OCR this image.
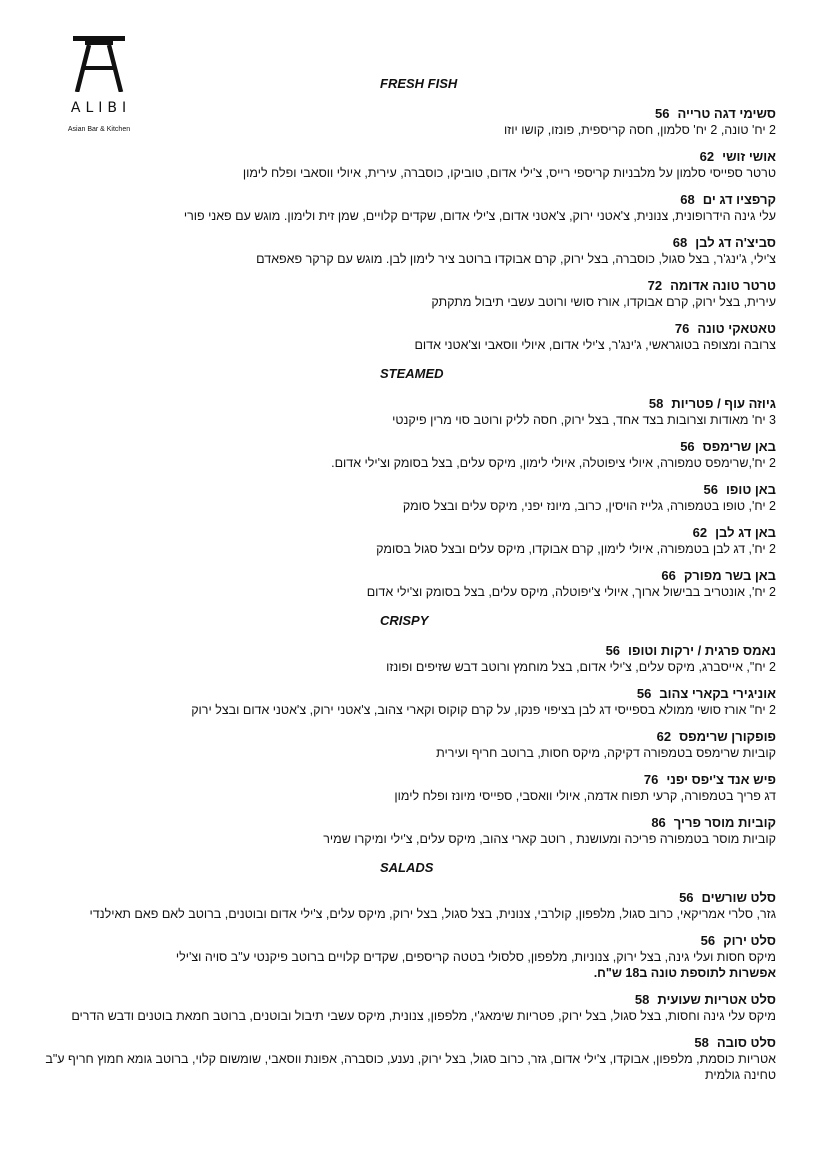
ALIBI
Asian Bar & Kitchen
FRESH FISH
סשימי דגה טרייה56
2 יח' טונה, 2 יח' סלמון, חסה קריספית, פונזו, קושו יוזו
אושי זושי62
טרטר ספייסי סלמון על מלבניות קריספי רייס, צ'ילי אדום, טוביקו, כוסברה, עירית, איולי ווסאבי ופלח לימון
קרפציו דג ים68
עלי גינה הידרופונית, צנונית, צ'אטני ירוק, צ'אטני אדום, צ'ילי אדום, שקדים קלויים, שמן זית ולימון. מוגש עם פאני פורי
סביצ'ה דג לבן68
צ'ילי, ג'ינג'ר, בצל סגול, כוסברה, בצל ירוק, קרם אבוקדו ברוטב ציר לימון לבן. מוגש עם קרקר פאפאדם
טרטר טונה אדומה72
עירית, בצל ירוק, קרם אבוקדו, אורז סושי ורוטב עשבי תיבול מתקתק
טאטאקי טונה76
צרובה ומצופה בטוגראשי, ג'ינג'ר, צ'ילי אדום, איולי ווסאבי וצ'אטני אדום
STEAMED
גיוזה עוף / פטריות58
3 יח' מאודות וצרובות בצד אחד, בצל ירוק, חסה לליק ורוטב סוי מרין פיקנטי
באן שרימפס56
2 יח',שרימפס טמפורה, איולי ציפוטלה, איולי לימון, מיקס עלים, בצל בסומק וצ'ילי אדום.
באן טופו56
2 יח', טופו בטמפורה, גלייז הויסין, כרוב, מיונז יפני, מיקס עלים ובצל סומק
באן דג לבן62
2 יח', דג לבן בטמפורה, איולי לימון, קרם אבוקדו, מיקס עלים ובצל סגול בסומק
באן בשר מפורק66
2 יח', אונטריב בבישול ארוך, איולי צ'יפוטלה, מיקס עלים, בצל בסומק וצ'ילי אדום
CRISPY
נאמס פרגית / ירקות וטופו56
2 יח", אייסברג, מיקס עלים, צ'ילי אדום, בצל מוחמץ ורוטב דבש שזיפים ופונזו
אוניגירי בקארי צהוב56
2 יח" אורז סושי ממולא בספייסי דג לבן בציפוי פנקו, על קרם קוקוס וקארי צהוב, צ'אטני ירוק, צ'אטני אדום ובצל ירוק
פופקורן שרימפס62
קוביות שרימפס בטמפורה דקיקה, מיקס חסות, ברוטב חריף ועירית
פיש אנד צ'יפס יפני76
דג פריך בטמפורה, קרעי תפוח אדמה, איולי וואסבי, ספייסי מיונז ופלח לימון
קוביות מוסר פריך86
קוביות מוסר בטמפורה פריכה ומעושנת , רוטב קארי צהוב, מיקס עלים, צ'ילי ומיקרו שמיר
SALADS
סלט שורשים56
גזר, סלרי אמריקאי, כרוב סגול, מלפפון, קולרבי, צנונית, בצל סגול, בצל ירוק, מיקס עלים, צ'ילי אדום ובוטנים, ברוטב לאם פאם תאילנדי
סלט ירוק56
מיקס חסות ועלי גינה, בצל ירוק, צנוניות, מלפפון, סלסולי בטטה קריספים, שקדים קלויים ברוטב פיקנטי ע"ב סויה וצ'ילי
אפשרות לתוספת טונה ב18 ש"ח.
סלט אטריות שעועית58
מיקס עלי גינה וחסות, בצל סגול, בצל ירוק, פטריות שימאג'י, מלפפון, צנונית, מיקס עשבי תיבול ובוטנים, ברוטב חמאת בוטנים ודבש הדרים
סלט סובה58
אטריות כוסמת, מלפפון, אבוקדו, צ'ילי אדום, גזר, כרוב סגול, בצל ירוק, נענע, כוסברה, אפונת ווסאבי, שומשום קלוי, ברוטב גומא חמוץ חריף ע"ב טחינה גולמית
